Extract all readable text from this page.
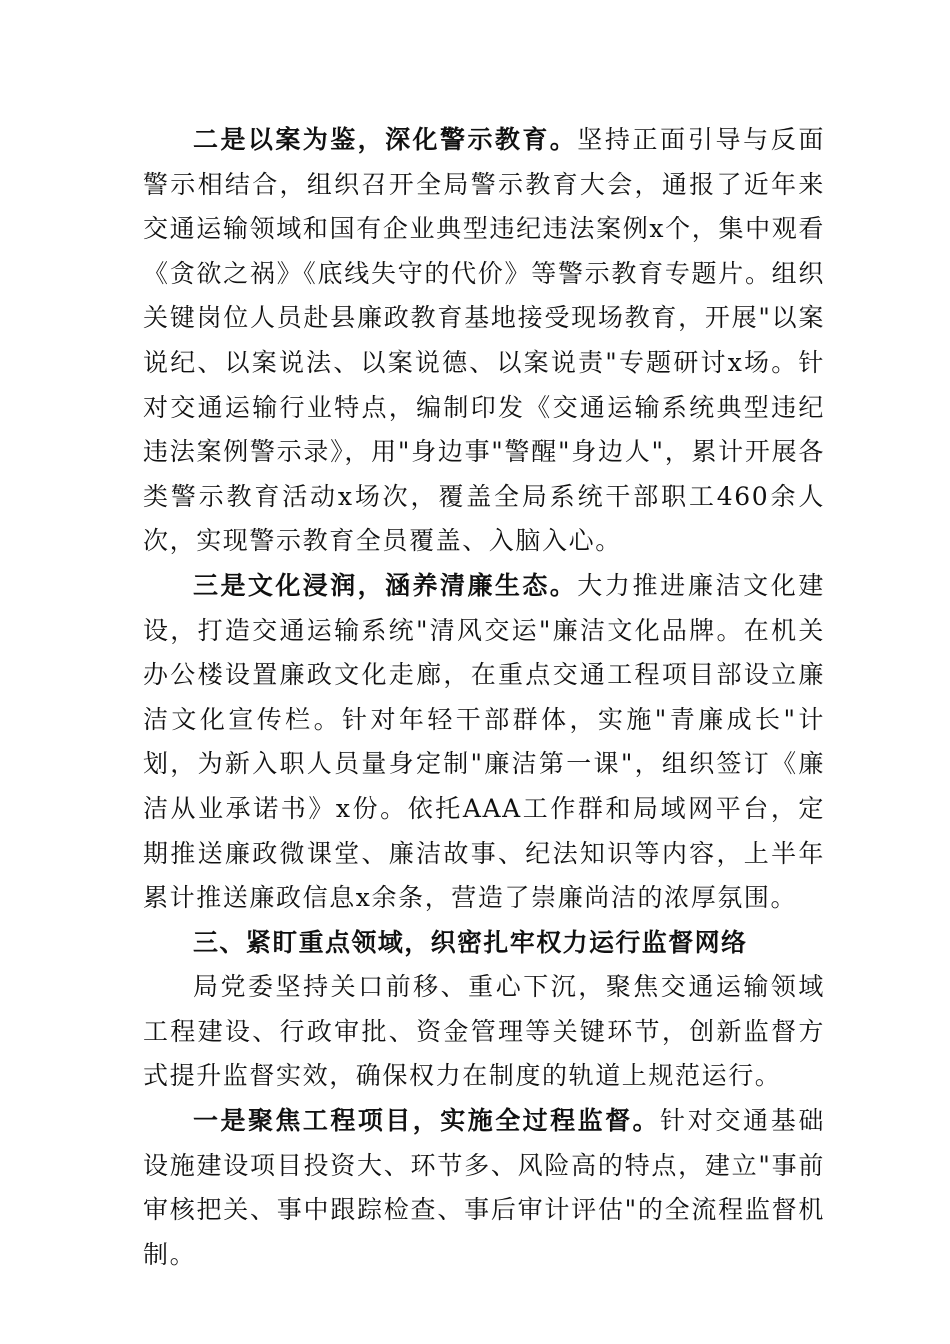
二是以案为鉴，深化警示教育。坚持正面引导与反面警示相结合，组织召开全局警示教育大会，通报了近年来交通运输领域和国有企业典型违纪违法案例x个，集中观看《贪欲之祸》《底线失守的代价》等警示教育专题片。组织关键岗位人员赴县廉政教育基地接受现场教育，开展"以案说纪、以案说法、以案说德、以案说责"专题研讨x场。针对交通运输行业特点，编制印发《交通运输系统典型违纪违法案例警示录》，用"身边事"警醒"身边人"，累计开展各类警示教育活动x场次，覆盖全局系统干部职工460余人次，实现警示教育全员覆盖、入脑入心。

三是文化浸润，涵养清廉生态。大力推进廉洁文化建设，打造交通运输系统"清风交运"廉洁文化品牌。在机关办公楼设置廉政文化走廊，在重点交通工程项目部设立廉洁文化宣传栏。针对年轻干部群体，实施"青廉成长"计划，为新入职人员量身定制"廉洁第一课"，组织签订《廉洁从业承诺书》x份。依托AAA工作群和局域网平台，定期推送廉政微课堂、廉洁故事、纪法知识等内容，上半年累计推送廉政信息x余条，营造了崇廉尚洁的浓厚氛围。

三、紧盯重点领域，织密扎牢权力运行监督网络

局党委坚持关口前移、重心下沉，聚焦交通运输领域工程建设、行政审批、资金管理等关键环节，创新监督方式提升监督实效，确保权力在制度的轨道上规范运行。

一是聚焦工程项目，实施全过程监督。针对交通基础设施建设项目投资大、环节多、风险高的特点，建立"事前审核把关、事中跟踪检查、事后审计评估"的全流程监督机制。
